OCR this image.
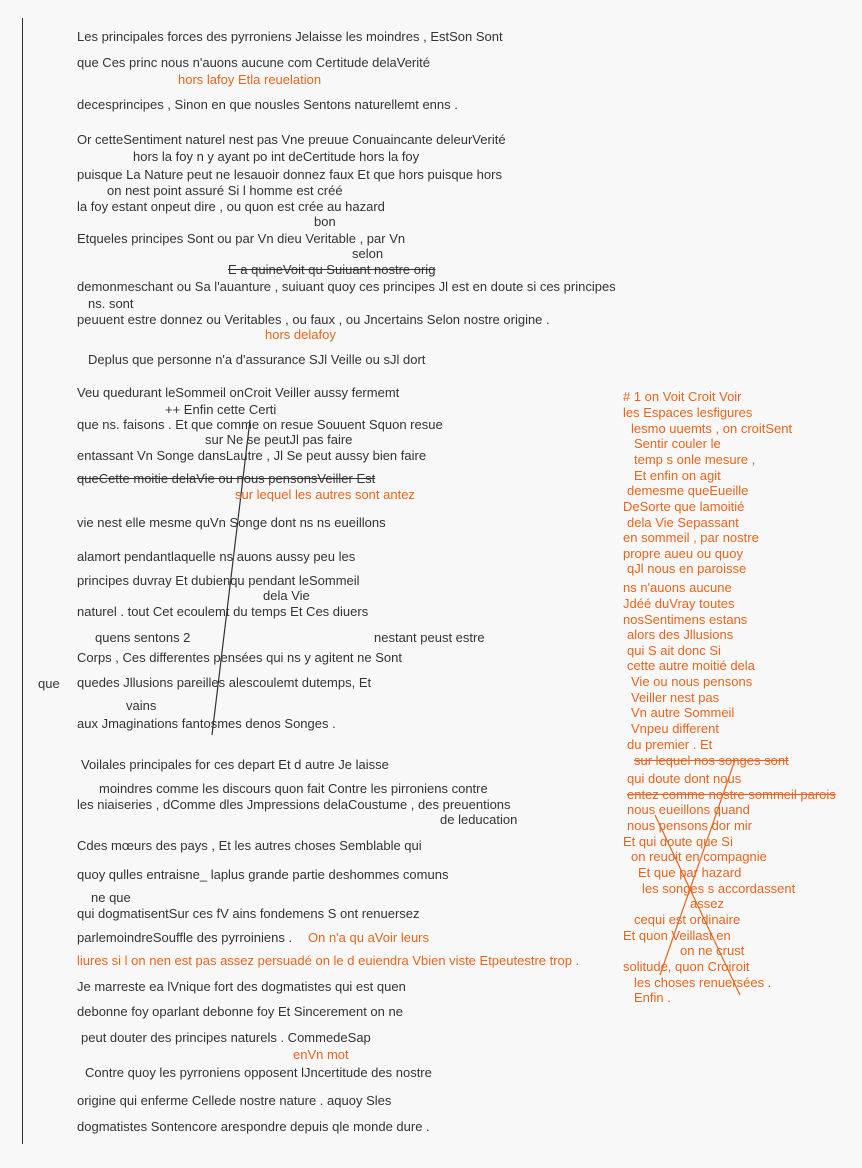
Les principales forces des pyrroniens Jelaisse les moindres , EstSon Sont
que Ces princ nous n'auons aucune com Certitude delaVerité
hors lafoy Etla reuelation
decesprincipes , Sinon en que nousles Sentons naturellemt enns .
Or cetteSentiment naturel nest pas Vne preuue Conuaincante deleurVerité
hors la foy n y ayant po int deCertitude hors la foy
puisque La Nature peut ne lesauoir donnez faux Et que hors puisque hors
on nest point assuré Si l homme est créé
la foy estant onpeut dire , ou quon est crée au hazard
bon
Etqueles principes Sont ou par Vn dieu Veritable , par Vn
selon
E a quineVoit qu Suiuant nostre orig
demonmeschant ou Sa l'auanture , suiuant quoy ces principes Jl est en doute si ces principes
ns. sont
peuuent estre donnez ou Veritables , ou faux , ou Jncertains Selon nostre origine .
hors delafoy
Deplus que personne n'a d'assurance SJl Veille ou sJl dort
Veu quedurant leSommeil onCroit Veiller aussy fermemt
++ Enfin cette Certi
que ns. faisons . Et que comme on resue Souuent Squon resue
sur Ne se peutJl pas faire
entassant Vn Songe dansLautre , Jl Se peut aussy bien faire
queCette moitie delaVie ou nous pensonsVeiller Est
sur lequel les autres sont antez
vie nest elle mesme quVn Songe dont ns ns eueillons
alamort pendantlaquelle ns auons aussy peu les
principes duvray Et dubienqu pendant leSommeil
dela Vie
naturel . tout Cet ecoulemt du temps Et Ces diuers
quens sentons 2	nestant peust estre
Corps , Ces differentes pensées qui ns y agitent ne Sont
que quedes Jllusions pareilles alescoulemt dutemps, Et
vains
aux Jmaginations fantosmes denos Songes .
Voilales principales for ces depart Et d autre Je laisse
moindres comme les discours quon fait Contre les pirroniens contre
les niaiseries , dComme dles Jmpressions delaCoustume , des preuentions
de leducation
Cdes mœurs des pays , Et les autres choses Semblable qui
quoy qulles entraisne_ laplus grande partie deshommes comuns
ne que
qui dogmatisentSur ces fV ains fondemens S ont renuersez
parlemoindreSouffle des pyrroiniens . On n'a qu aVoir leurs
liures si l on nen est pas assez persuadé on le d euiendra Vbien viste Etpeutestre trop .
Je marreste ea lVnique fort des dogmatistes qui est quen
debonne foy oparlant debonne foy Et Sincerement on ne
peut douter des principes naturels . CommedeSap
enVn mot
Contre quoy les pyrroniens opposent lJncertitude des nostre
origine qui enferme Cellede nostre nature . aquoy Sles
dogmatistes Sontencore arespondre depuis qle monde dure .
# 1 on Voit Croit Voir
les Espaces lesfigures
lesmo uuemts , on croitSent
Sentir couler le
temp s onle mesure ,
Et enfin on agit
demesme queEueille
DeSorte que lamoitié
dela Vie Sepassant
en sommeil , par nostre
propre aueu ou quoy
qJl nous en paroisse
ns n'auons aucune
Jdéé duVray toutes
nosSentimens estans
alors des Jllusions
qui S ait donc Si
cette autre moitié dela
Vie ou nous pensons
Veiller nest pas
Vn autre Sommeil
Vnpeu different
du premier . Et
sur lequel nos songes sont
qui doute dont nous
entez comme nostre sommeil parois
nous eueillons quand
nous pensons dor mir
Et qui doute que Si
on reuoit en compagnie
Et que par hazard
les songes s accordassent
assez
cequi est ordinaire
Et quon Veillast en
on ne crust
solitude, quon Croiroit
les choses renuersées .
Enfin .
